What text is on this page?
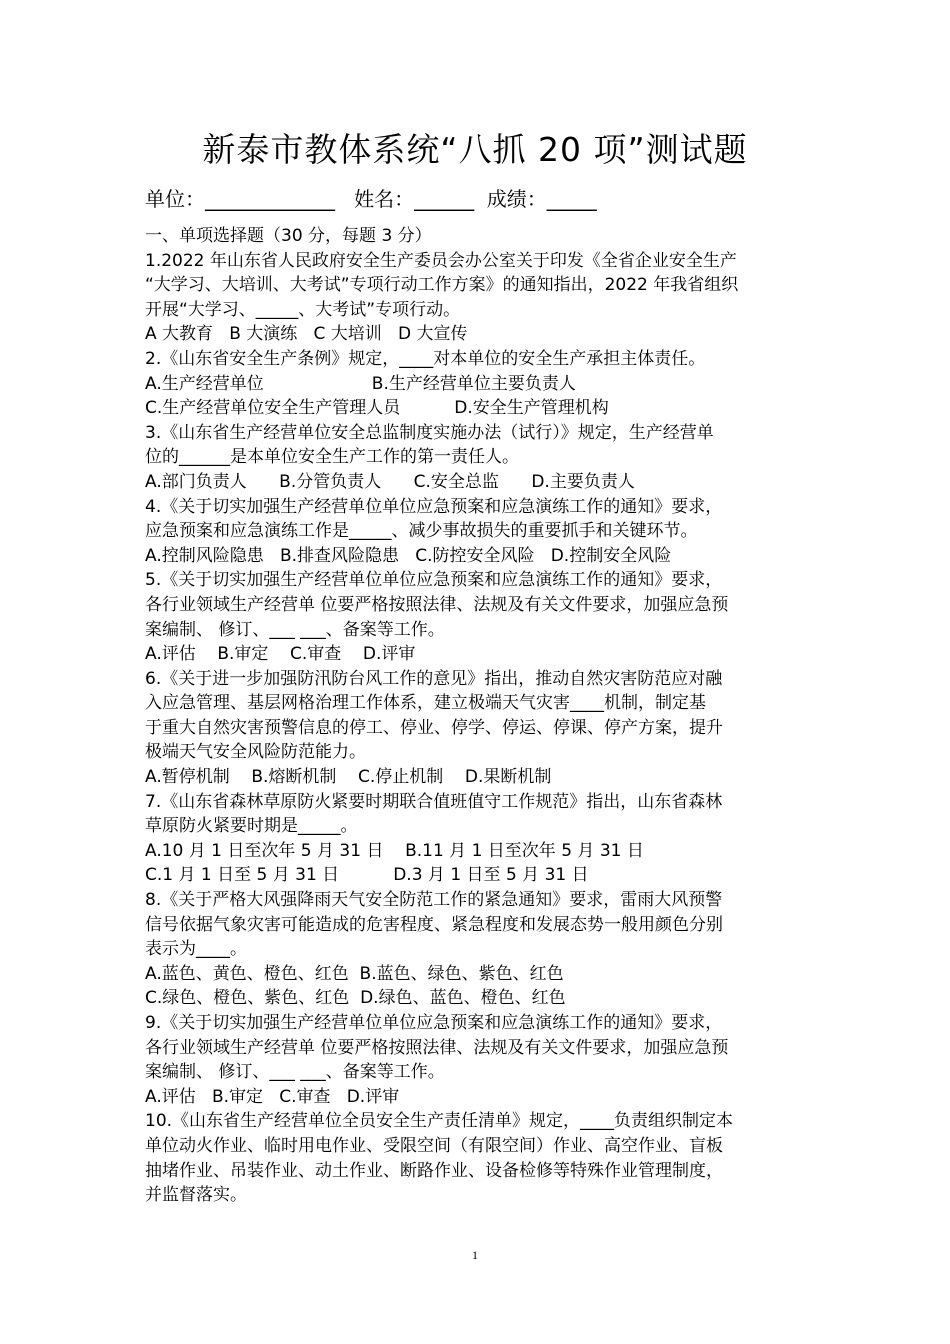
新泰市教体系统“八抓 20 项”测试题
单位：_____________   姓名：______  成绩：_____

一、单项选择题（30 分，每题 3 分）

1.2022 年山东省人民政府安全生产委员会办公室关于印发《全省企业安全生产

“大学习、大培训、大考试”专项行动工作方案》的通知指出，2022 年我省组织

开展“大学习、_____、大考试”专项行动。

A 大教育   B 大演练   C 大培训   D 大宣传

2.《山东省安全生产条例》规定，____对本单位的安全生产承担主体责任。

A.生产经营单位                    B.生产经营单位主要负责人

C.生产经营单位安全生产管理人员          D.安全生产管理机构

3.《山东省生产经营单位安全总监制度实施办法（试行）》规定，生产经营单

位的______是本单位安全生产工作的第一责任人。

A.部门负责人      B.分管负责人      C.安全总监      D.主要负责人

4.《关于切实加强生产经营单位单位应急预案和应急演练工作的通知》要求，

应急预案和应急演练工作是_____、减少事故损失的重要抓手和关键环节。

A.控制风险隐患   B.排查风险隐患   C.防控安全风险   D.控制安全风险

5.《关于切实加强生产经营单位单位应急预案和应急演练工作的通知》要求，

各行业领域生产经营单 位要严格按照法律、法规及有关文件要求，加强应急预

案编制、 修订、___ ___、备案等工作。

A.评估    B.审定    C.审查    D.评审

6.《关于进一步加强防汛防台风工作的意见》指出，推动自然灾害防范应对融

入应急管理、基层网格治理工作体系，建立极端天气灾害____机制，制定基

于重大自然灾害预警信息的停工、停业、停学、停运、停课、停产方案，提升

极端天气安全风险防范能力。

A.暂停机制    B.熔断机制    C.停止机制    D.果断机制

7.《山东省森林草原防火紧要时期联合值班值守工作规范》指出，山东省森林

草原防火紧要时期是_____。

A.10 月 1 日至次年 5 月 31 日    B.11 月 1 日至次年 5 月 31 日

C.1 月 1 日至 5 月 31 日          D.3 月 1 日至 5 月 31 日

8.《关于严格大风强降雨天气安全防范工作的紧急通知》要求，雷雨大风预警

信号依据气象灾害可能造成的危害程度、紧急程度和发展态势一般用颜色分别

表示为____。

A.蓝色、黄色、橙色、红色  B.蓝色、绿色、紫色、红色

C.绿色、橙色、紫色、红色  D.绿色、蓝色、橙色、红色

9.《关于切实加强生产经营单位单位应急预案和应急演练工作的通知》要求，

各行业领域生产经营单 位要严格按照法律、法规及有关文件要求，加强应急预

案编制、 修订、___ ___、备案等工作。

A.评估   B.审定   C.审查   D.评审

10.《山东省生产经营单位全员安全生产责任清单》规定，____负责组织制定本

单位动火作业、临时用电作业、受限空间（有限空间）作业、高空作业、盲板

抽堵作业、吊装作业、动土作业、断路作业、设备检修等特殊作业管理制度，

并监督落实。

1
